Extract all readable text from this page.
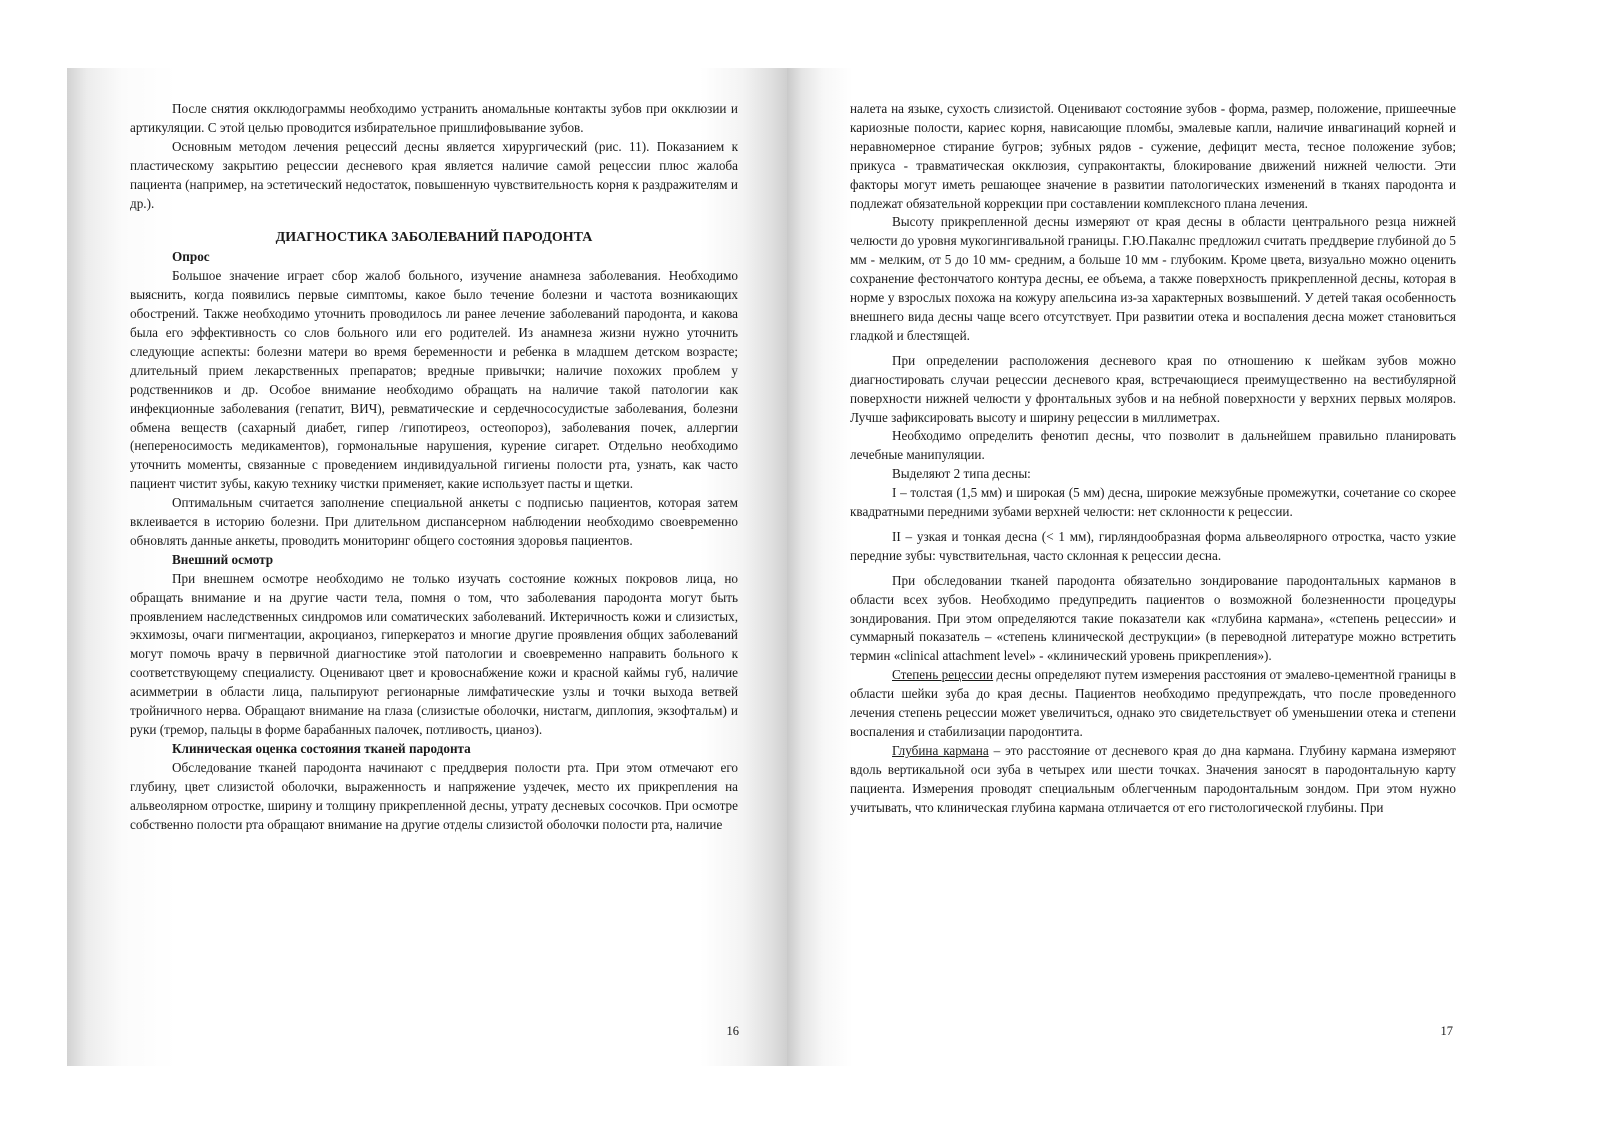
После снятия окклюдограммы необходимо устранить аномальные контакты зубов при окклюзии и артикуляции. С этой целью проводится избирательное пришлифовывание зубов.

Основным методом лечения рецессий десны является хирургический (рис. 11). Показанием к пластическому закрытию рецессии десневого края является наличие самой рецессии плюс жалоба пациента (например, на эстетический недостаток, повышенную чувствительность корня к раздражителям и др.).

ДИАГНОСТИКА ЗАБОЛЕВАНИЙ ПАРОДОНТА
Опрос

Большое значение играет сбор жалоб больного, изучение анамнеза заболевания. Необходимо выяснить, когда появились первые симптомы, какое было течение болезни и частота возникающих обострений. Также необходимо уточнить проводилось ли ранее лечение заболеваний пародонта, и какова была его эффективность со слов больного или его родителей. Из анамнеза жизни нужно уточнить следующие аспекты: болезни матери во время беременности и ребенка в младшем детском возрасте; длительный прием лекарственных препаратов; вредные привычки; наличие похожих проблем у родственников и др. Особое внимание необходимо обращать на наличие такой патологии как инфекционные заболевания (гепатит, ВИЧ), ревматические и сердечнососудистые заболевания, болезни обмена веществ (сахарный диабет, гипер /гипотиреоз, остеопороз), заболевания почек, аллергии (непереносимость медикаментов), гормональные нарушения, курение сигарет. Отдельно необходимо уточнить моменты, связанные с проведением индивидуальной гигиены полости рта, узнать, как часто пациент чистит зубы, какую технику чистки применяет, какие использует пасты и щетки.

Оптимальным считается заполнение специальной анкеты с подписью пациентов, которая затем вклеивается в историю болезни. При длительном диспансерном наблюдении необходимо своевременно обновлять данные анкеты, проводить мониторинг общего состояния здоровья пациентов.

Внешний осмотр

При внешнем осмотре необходимо не только изучать состояние кожных покровов лица, но обращать внимание и на другие части тела, помня о том, что заболевания пародонта могут быть проявлением наследственных синдромов или соматических заболеваний. Иктеричность кожи и слизистых, экхимозы, очаги пигментации, акроцианоз, гиперкератоз и многие другие проявления общих заболеваний могут помочь врачу в первичной диагностике этой патологии и своевременно направить больного к соответствующему специалисту. Оценивают цвет и кровоснабжение кожи и красной каймы губ, наличие асимметрии в области лица, пальпируют регионарные лимфатические узлы и точки выхода ветвей тройничного нерва. Обращают внимание на глаза (слизистые оболочки, нистагм, диплопия, экзофтальм) и руки (тремор, пальцы в форме барабанных палочек, потливость, цианоз).

Клиническая оценка состояния тканей пародонта

Обследование тканей пародонта начинают с преддверия полости рта. При этом отмечают его глубину, цвет слизистой оболочки, выраженность и напряжение уздечек, место их прикрепления на альвеолярном отростке, ширину и толщину прикрепленной десны, утрату десневых сосочков. При осмотре собственно полости рта обращают внимание на другие отделы слизистой оболочки полости рта, наличие

16

налета на языке, сухость слизистой. Оценивают состояние зубов - форма, размер, положение, пришеечные кариозные полости, кариес корня, нависающие пломбы, эмалевые капли, наличие инвагинаций корней и неравномерное стирание бугров; зубных рядов - сужение, дефицит места, тесное положение зубов; прикуса - травматическая окклюзия, супраконтакты, блокирование движений нижней челюсти. Эти факторы могут иметь решающее значение в развитии патологических изменений в тканях пародонта и подлежат обязательной коррекции при составлении комплексного плана лечения.

Высоту прикрепленной десны измеряют от края десны в области центрального резца нижней челюсти до уровня мукогингивальной границы. Г.Ю.Пакалнс предложил считать преддверие глубиной до 5 мм - мелким, от 5 до 10 мм- средним, а больше 10 мм - глубоким. Кроме цвета, визуально можно оценить сохранение фестончатого контура десны, ее объема, а также поверхность прикрепленной десны, которая в норме у взрослых похожа на кожуру апельсина из-за характерных возвышений. У детей такая особенность внешнего вида десны чаще всего отсутствует. При развитии отека и воспаления десна может становиться гладкой и блестящей.

При определении расположения десневого края по отношению к шейкам зубов можно диагностировать случаи рецессии десневого края, встречающиеся преимущественно на вестибулярной поверхности нижней челюсти у фронтальных зубов и на небной поверхности у верхних первых моляров. Лучше зафиксировать высоту и ширину рецессии в миллиметрах.

Необходимо определить фенотип десны, что позволит в дальнейшем правильно планировать лечебные манипуляции.

Выделяют 2 типа десны:

I – толстая (1,5 мм) и широкая (5 мм) десна, широкие межзубные промежутки, сочетание со скорее квадратными передними зубами верхней челюсти: нет склонности к рецессии.

II – узкая и тонкая десна (< 1 мм), гирляндообразная форма альвеолярного отростка, часто узкие передние зубы: чувствительная, часто склонная к рецессии десна.

При обследовании тканей пародонта обязательно зондирование пародонтальных карманов в области всех зубов. Необходимо предупредить пациентов о возможной болезненности процедуры зондирования. При этом определяются такие показатели как «глубина кармана», «степень рецессии» и суммарный показатель – «степень клинической деструкции» (в переводной литературе можно встретить термин «clinical attachment level» - «клинический уровень прикрепления»).

Степень рецессии десны определяют путем измерения расстояния от эмалево-цементной границы в области шейки зуба до края десны. Пациентов необходимо предупреждать, что после проведенного лечения степень рецессии может увеличиться, однако это свидетельствует об уменьшении отека и степени воспаления и стабилизации пародонтита.

Глубина кармана – это расстояние от десневого края до дна кармана. Глубину кармана измеряют вдоль вертикальной оси зуба в четырех или шести точках. Значения заносят в пародонтальную карту пациента. Измерения проводят специальным облегченным пародонтальным зондом. При этом нужно учитывать, что клиническая глубина кармана отличается от его гистологической глубины. При

17
